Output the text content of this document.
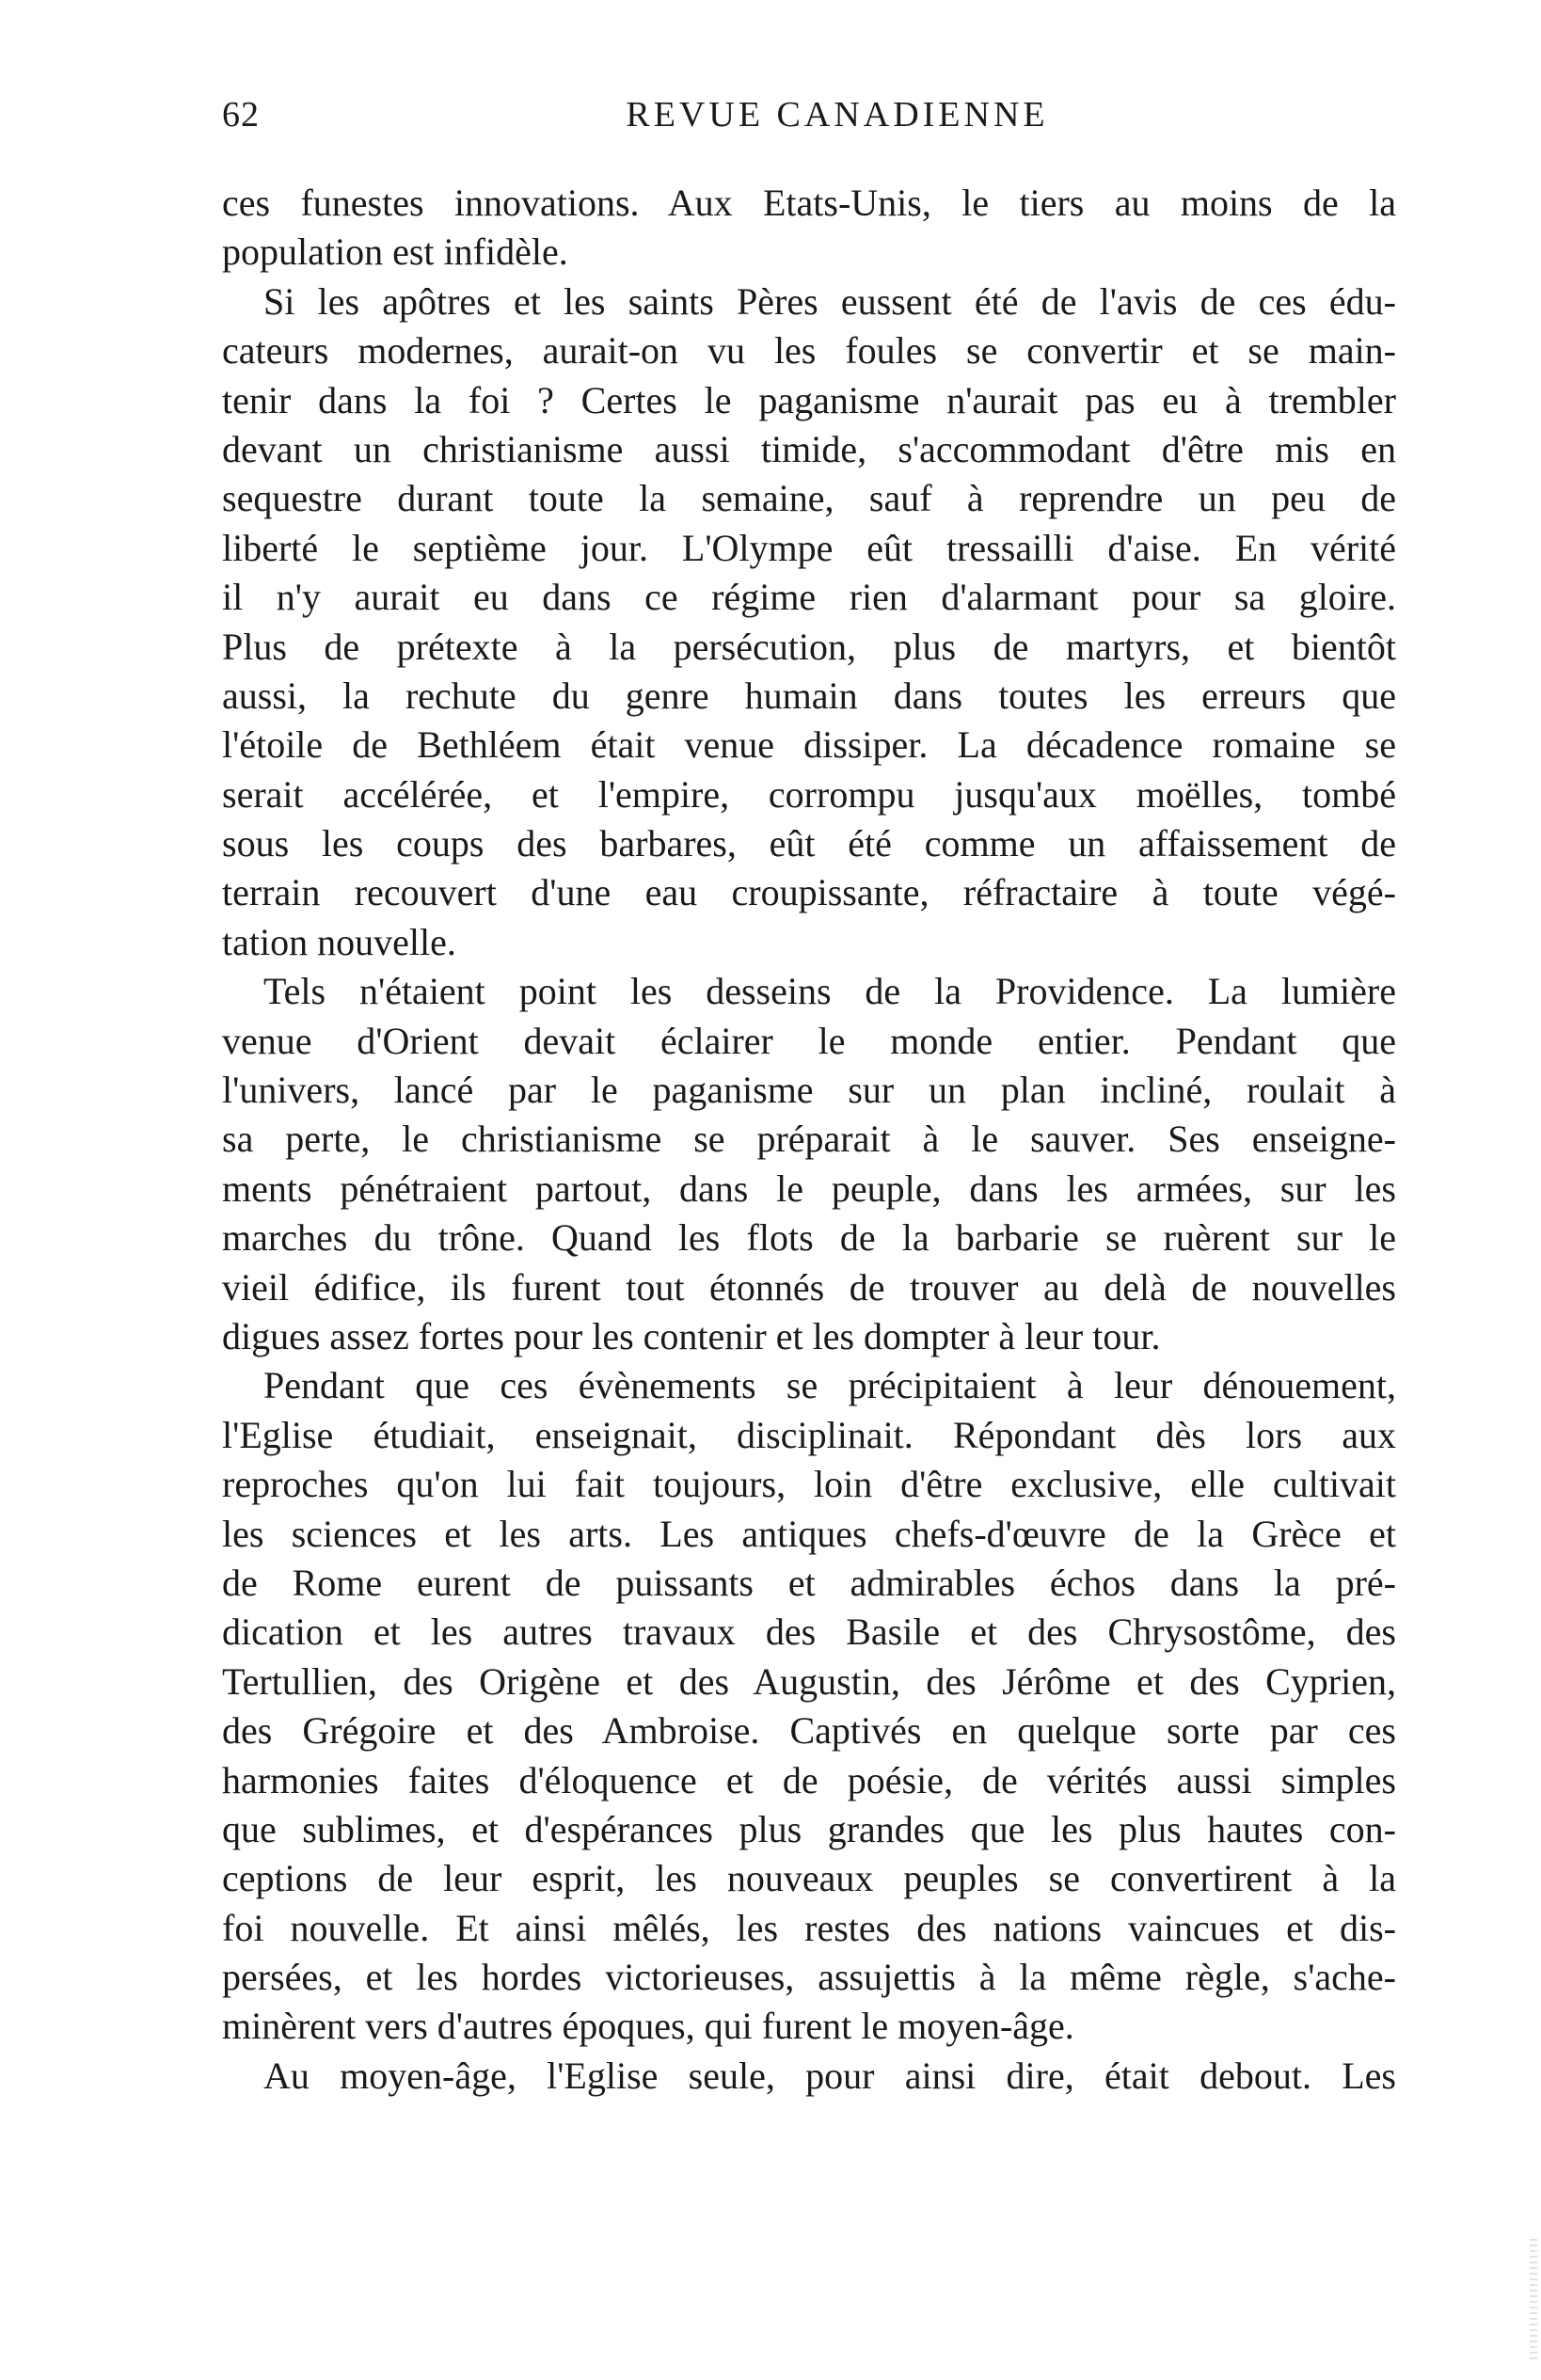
62	REVUE CANADIENNE
ces funestes innovations. Aux Etats-Unis, le tiers au moins de la
population est infidèle.
Si les apôtres et les saints Pères eussent été de l'avis de ces édu-
cateurs modernes, aurait-on vu les foules se convertir et se main-
tenir dans la foi ? Certes le paganisme n'aurait pas eu à trembler
devant un christianisme aussi timide, s'accommodant d'être mis en
sequestre durant toute la semaine, sauf à reprendre un peu de
liberté le septième jour. L'Olympe eût tressailli d'aise. En vérité
il n'y aurait eu dans ce régime rien d'alarmant pour sa gloire.
Plus de prétexte à la persécution, plus de martyrs, et bientôt
aussi, la rechute du genre humain dans toutes les erreurs que
l'étoile de Bethléem était venue dissiper. La décadence romaine se
serait accélérée, et l'empire, corrompu jusqu'aux moëlles, tombé
sous les coups des barbares, eût été comme un affaissement de
terrain recouvert d'une eau croupissante, réfractaire à toute végé-
tation nouvelle.
Tels n'étaient point les desseins de la Providence. La lumière
venue d'Orient devait éclairer le monde entier. Pendant que
l'univers, lancé par le paganisme sur un plan incliné, roulait à
sa perte, le christianisme se préparait à le sauver. Ses enseigne-
ments pénétraient partout, dans le peuple, dans les armées, sur les
marches du trône. Quand les flots de la barbarie se ruèrent sur le
vieil édifice, ils furent tout étonnés de trouver au delà de nouvelles
digues assez fortes pour les contenir et les dompter à leur tour.
Pendant que ces évènements se précipitaient à leur dénouement,
l'Eglise étudiait, enseignait, disciplinait. Répondant dès lors aux
reproches qu'on lui fait toujours, loin d'être exclusive, elle cultivait
les sciences et les arts. Les antiques chefs-d'œuvre de la Grèce et
de Rome eurent de puissants et admirables échos dans la pré-
dication et les autres travaux des Basile et des Chrysostôme, des
Tertullien, des Origène et des Augustin, des Jérôme et des Cyprien,
des Grégoire et des Ambroise. Captivés en quelque sorte par ces
harmonies faites d'éloquence et de poésie, de vérités aussi simples
que sublimes, et d'espérances plus grandes que les plus hautes con-
ceptions de leur esprit, les nouveaux peuples se convertirent à la
foi nouvelle. Et ainsi mêlés, les restes des nations vaincues et dis-
persées, et les hordes victorieuses, assujettis à la même règle, s'ache-
minèrent vers d'autres époques, qui furent le moyen-âge.
Au moyen-âge, l'Eglise seule, pour ainsi dire, était debout. Les
